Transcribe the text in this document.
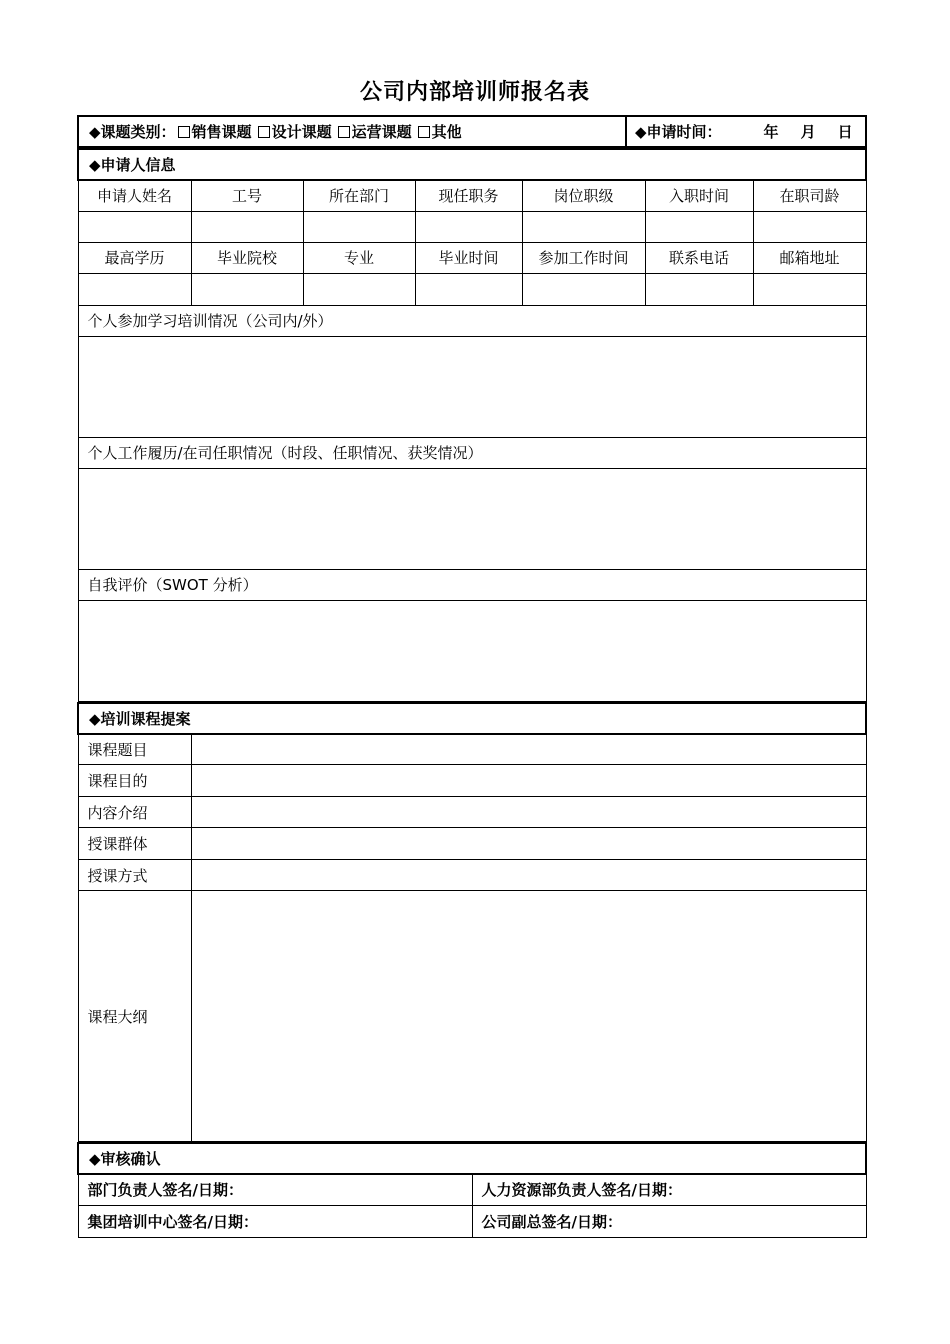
公司内部培训师报名表
◆课题类别： 销售课题 设计课题 运营课题 其他	◆申请时间：	年 月 日
◆申请人信息						
申请人姓名	工号	所在部门	现任职务	岗位职级	入职时间	在职司龄

最高学历	毕业院校	专业	毕业时间	参加工作时间	联系电话	邮箱地址

个人参加学习培训情况（公司内/外）						

个人工作履历/在司任职情况（时段、任职情况、获奖情况）						

自我评价（SWOT 分析）						

◆培训课程提案	
课程题目	
课程目的	
内容介绍	
授课群体	
授课方式	
课程大纲	
◆审核确认	
部门负责人签名/日期：	人力资源部负责人签名/日期：
集团培训中心签名/日期：	公司副总签名/日期：
